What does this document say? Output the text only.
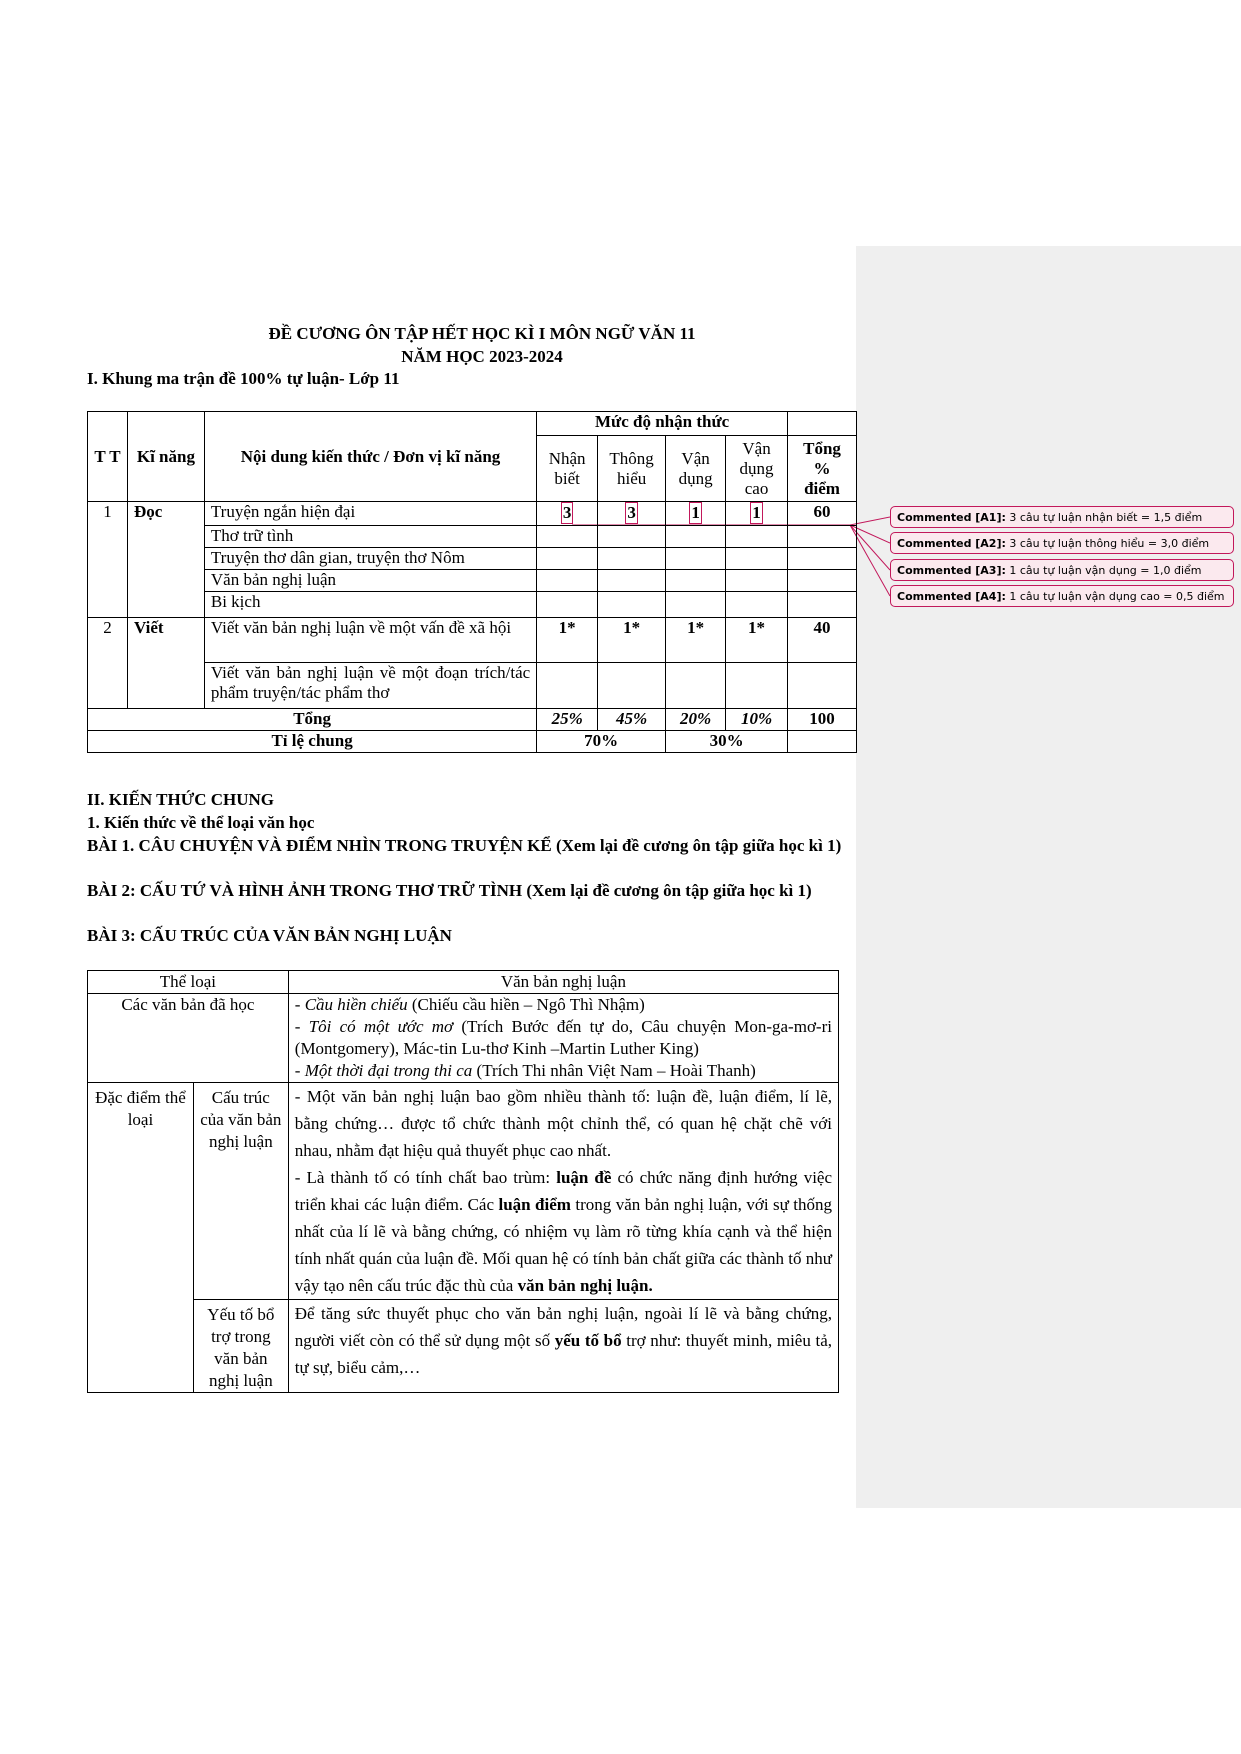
Commented [A1]: 3 câu tự luận nhận biết = 1,5 điểm
Commented [A2]: 3 câu tự luận thông hiểu = 3,0 điểm
Commented [A3]: 1 câu tự luận vận dụng = 1,0 điểm
Commented [A4]: 1 câu tự luận vận dụng cao = 0,5 điểm
ĐỀ CƯƠNG ÔN TẬP HẾT HỌC KÌ I MÔN NGỮ VĂN 11
NĂM HỌC 2023-2024
I. Khung ma trận đề 100% tự luận- Lớp 11
T T	Kĩ năng	Nội dung kiến thức / Đơn vị kĩ năng	Mức độ nhận thức				
			Nhận biết	Thông hiểu	Vận dụng	Vận dụng cao	Tổng % điểm
1	Đọc	Truyện ngắn hiện đại	3	3	1	1	60
		Thơ trữ tình					
		Truyện thơ dân gian, truyện thơ Nôm					
		Văn bản nghị luận					
		Bi kịch					
2	Viết	Viết văn bản nghị luận về một vấn đề xã hội	1*	1*	1*	1*	40
		Viết văn bản nghị luận về một đoạn trích/tác phẩm truyện/tác phẩm thơ					
Tổng			25%	45%	20%	10%	100
Tỉ lệ chung			70%		30%		
II. KIẾN THỨC CHUNG
1. Kiến thức về thể loại văn học
BÀI 1. CÂU CHUYỆN VÀ ĐIỂM NHÌN TRONG TRUYỆN KỂ (Xem lại đề cương ôn tập giữa học kì 1)
BÀI 2: CẤU TỨ VÀ HÌNH ẢNH TRONG THƠ TRỮ TÌNH (Xem lại đề cương ôn tập giữa học kì 1)
BÀI 3: CẤU TRÚC CỦA VĂN BẢN NGHỊ LUẬN
Thể loại		Văn bản nghị luận
Các văn bản đã học		- Cầu hiền chiếu (Chiếu cầu hiền – Ngô Thì Nhậm)
- Tôi có một ước mơ (Trích Bước đến tự do, Câu chuyện Mon-ga-mơ-ri (Montgomery), Mác-tin Lu-thơ Kinh –Martin Luther King)
- Một thời đại trong thi ca (Trích Thi nhân Việt Nam – Hoài Thanh)

Đặc điểm thể loại	Cấu trúc của văn bản nghị luận	- Một văn bản nghị luận bao gồm nhiều thành tố: luận đề, luận điểm, lí lẽ, bằng chứng… được tổ chức thành một chỉnh thể, có quan hệ chặt chẽ với nhau, nhằm đạt hiệu quả thuyết phục cao nhất.
- Là thành tố có tính chất bao trùm: luận đề có chức năng định hướng việc triển khai các luận điểm. Các luận điểm trong văn bản nghị luận, với sự thống nhất của lí lẽ và bằng chứng, có nhiệm vụ làm rõ từng khía cạnh và thể hiện tính nhất quán của luận đề. Mối quan hệ có tính bản chất giữa các thành tố như vậy tạo nên cấu trúc đặc thù của văn bản nghị luận.

	Yếu tố bổ trợ trong văn bản nghị luận	Để tăng sức thuyết phục cho văn bản nghị luận, ngoài lí lẽ và bằng chứng, người viết còn có thể sử dụng một số yếu tố bổ trợ như: thuyết minh, miêu tả, tự sự, biểu cảm,…
